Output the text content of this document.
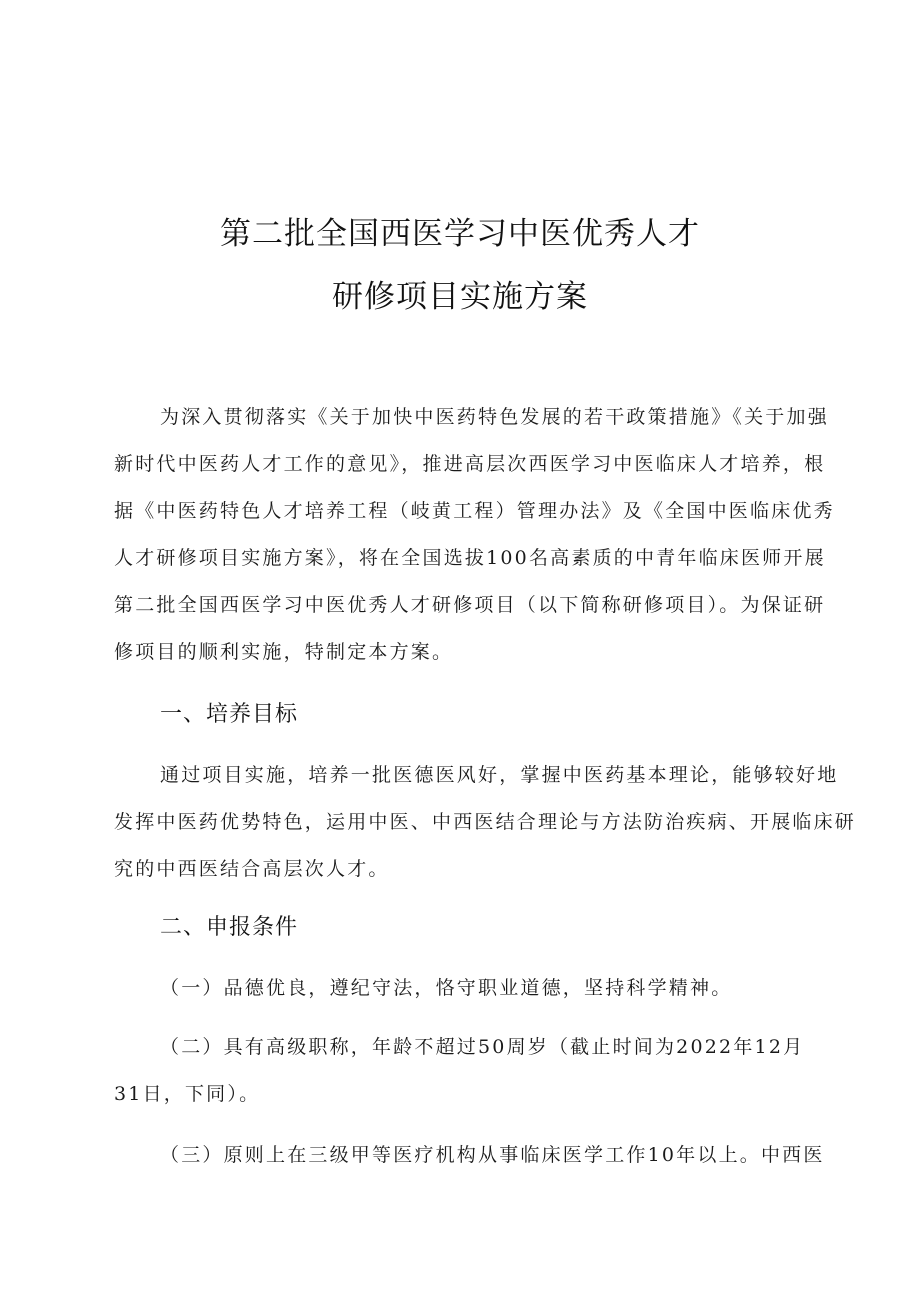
第二批全国西医学习中医优秀人才
研修项目实施方案
为深入贯彻落实《关于加快中医药特色发展的若干政策措施》《关于加强
新时代中医药人才工作的意见》，推进高层次西医学习中医临床人才培养，根
据《中医药特色人才培养工程（岐黄工程）管理办法》及《全国中医临床优秀
人才研修项目实施方案》，将在全国选拔100名高素质的中青年临床医师开展
第二批全国西医学习中医优秀人才研修项目（以下简称研修项目）。为保证研
修项目的顺利实施，特制定本方案。
一、培养目标
通过项目实施，培养一批医德医风好，掌握中医药基本理论，能够较好地
发挥中医药优势特色，运用中医、中西医结合理论与方法防治疾病、开展临床研
究的中西医结合高层次人才。
二、申报条件
（一）品德优良，遵纪守法，恪守职业道德，坚持科学精神。
（二）具有高级职称，年龄不超过50周岁（截止时间为2022年12月
31日，下同）。
（三）原则上在三级甲等医疗机构从事临床医学工作10年以上。中西医
